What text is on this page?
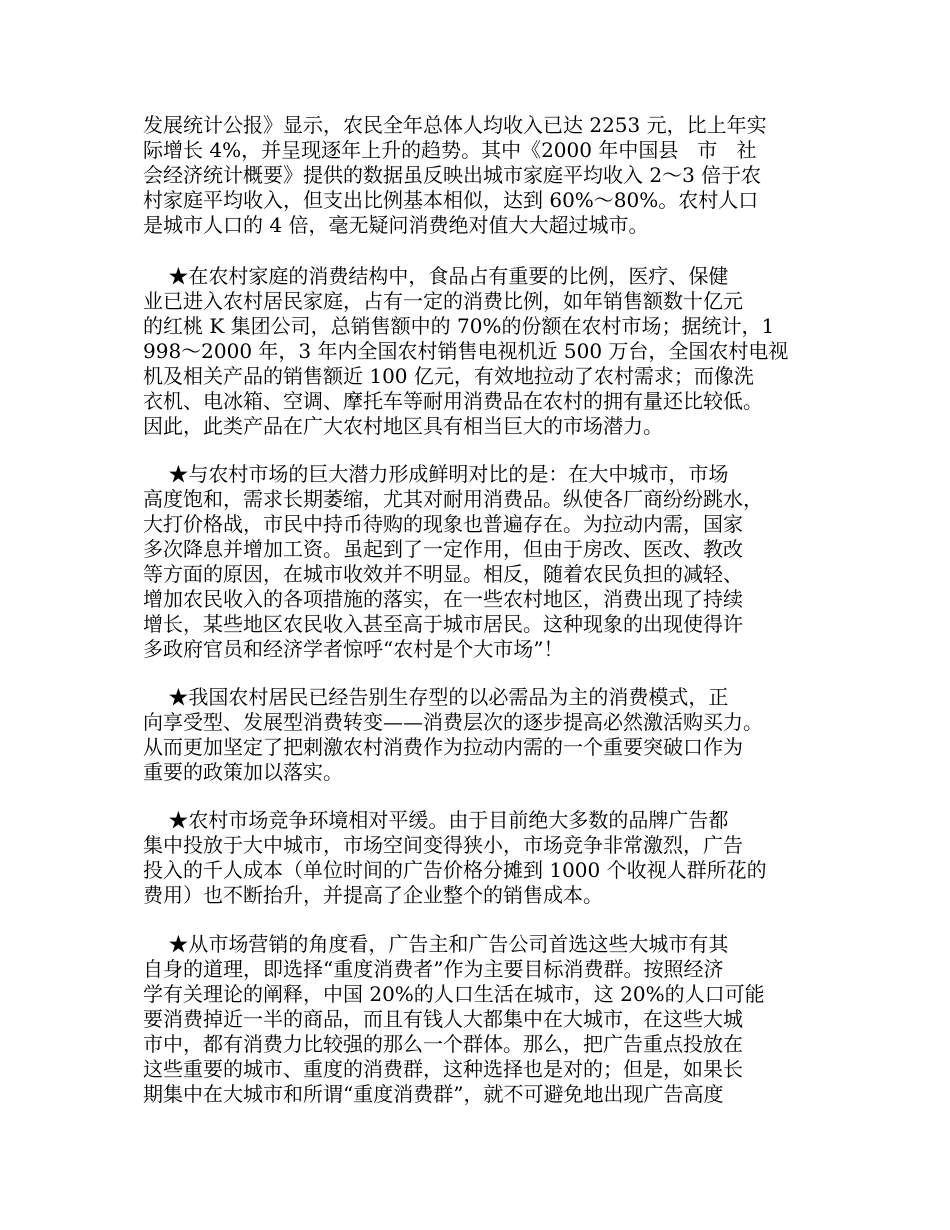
发展统计公报》显示，农民全年总体人均收入已达 2253 元，比上年实
际增长 4%，并呈现逐年上升的趋势。其中《2000 年中国县   市   社
会经济统计概要》提供的数据虽反映出城市家庭平均收入 2～3 倍于农
村家庭平均收入，但支出比例基本相似，达到 60%～80%。农村人口
是城市人口的 4 倍，毫无疑问消费绝对值大大超过城市。
★在农村家庭的消费结构中，食品占有重要的比例，医疗、保健
业已进入农村居民家庭，占有一定的消费比例，如年销售额数十亿元
的红桃 K 集团公司，总销售额中的 70%的份额在农村市场；据统计，1
998～2000 年，3 年内全国农村销售电视机近 500 万台，全国农村电视
机及相关产品的销售额近 100 亿元，有效地拉动了农村需求；而像洗
衣机、电冰箱、空调、摩托车等耐用消费品在农村的拥有量还比较低。
因此，此类产品在广大农村地区具有相当巨大的市场潜力。
★与农村市场的巨大潜力形成鲜明对比的是：在大中城市，市场
高度饱和，需求长期萎缩，尤其对耐用消费品。纵使各厂商纷纷跳水，
大打价格战，市民中持币待购的现象也普遍存在。为拉动内需，国家
多次降息并增加工资。虽起到了一定作用，但由于房改、医改、教改
等方面的原因，在城市收效并不明显。相反，随着农民负担的减轻、
增加农民收入的各项措施的落实，在一些农村地区，消费出现了持续
增长，某些地区农民收入甚至高于城市居民。这种现象的出现使得许
多政府官员和经济学者惊呼“农村是个大市场”！
★我国农村居民已经告别生存型的以必需品为主的消费模式，正
向享受型、发展型消费转变——消费层次的逐步提高必然激活购买力。
从而更加坚定了把刺激农村消费作为拉动内需的一个重要突破口作为
重要的政策加以落实。
★农村市场竞争环境相对平缓。由于目前绝大多数的品牌广告都
集中投放于大中城市，市场空间变得狭小，市场竞争非常激烈，广告
投入的千人成本（单位时间的广告价格分摊到 1000 个收视人群所花的
费用）也不断抬升，并提高了企业整个的销售成本。
★从市场营销的角度看，广告主和广告公司首选这些大城市有其
自身的道理，即选择“重度消费者”作为主要目标消费群。按照经济
学有关理论的阐释，中国 20%的人口生活在城市，这 20%的人口可能
要消费掉近一半的商品，而且有钱人大都集中在大城市，在这些大城
市中，都有消费力比较强的那么一个群体。那么，把广告重点投放在
这些重要的城市、重度的消费群，这种选择也是对的；但是，如果长
期集中在大城市和所谓“重度消费群”，就不可避免地出现广告高度
